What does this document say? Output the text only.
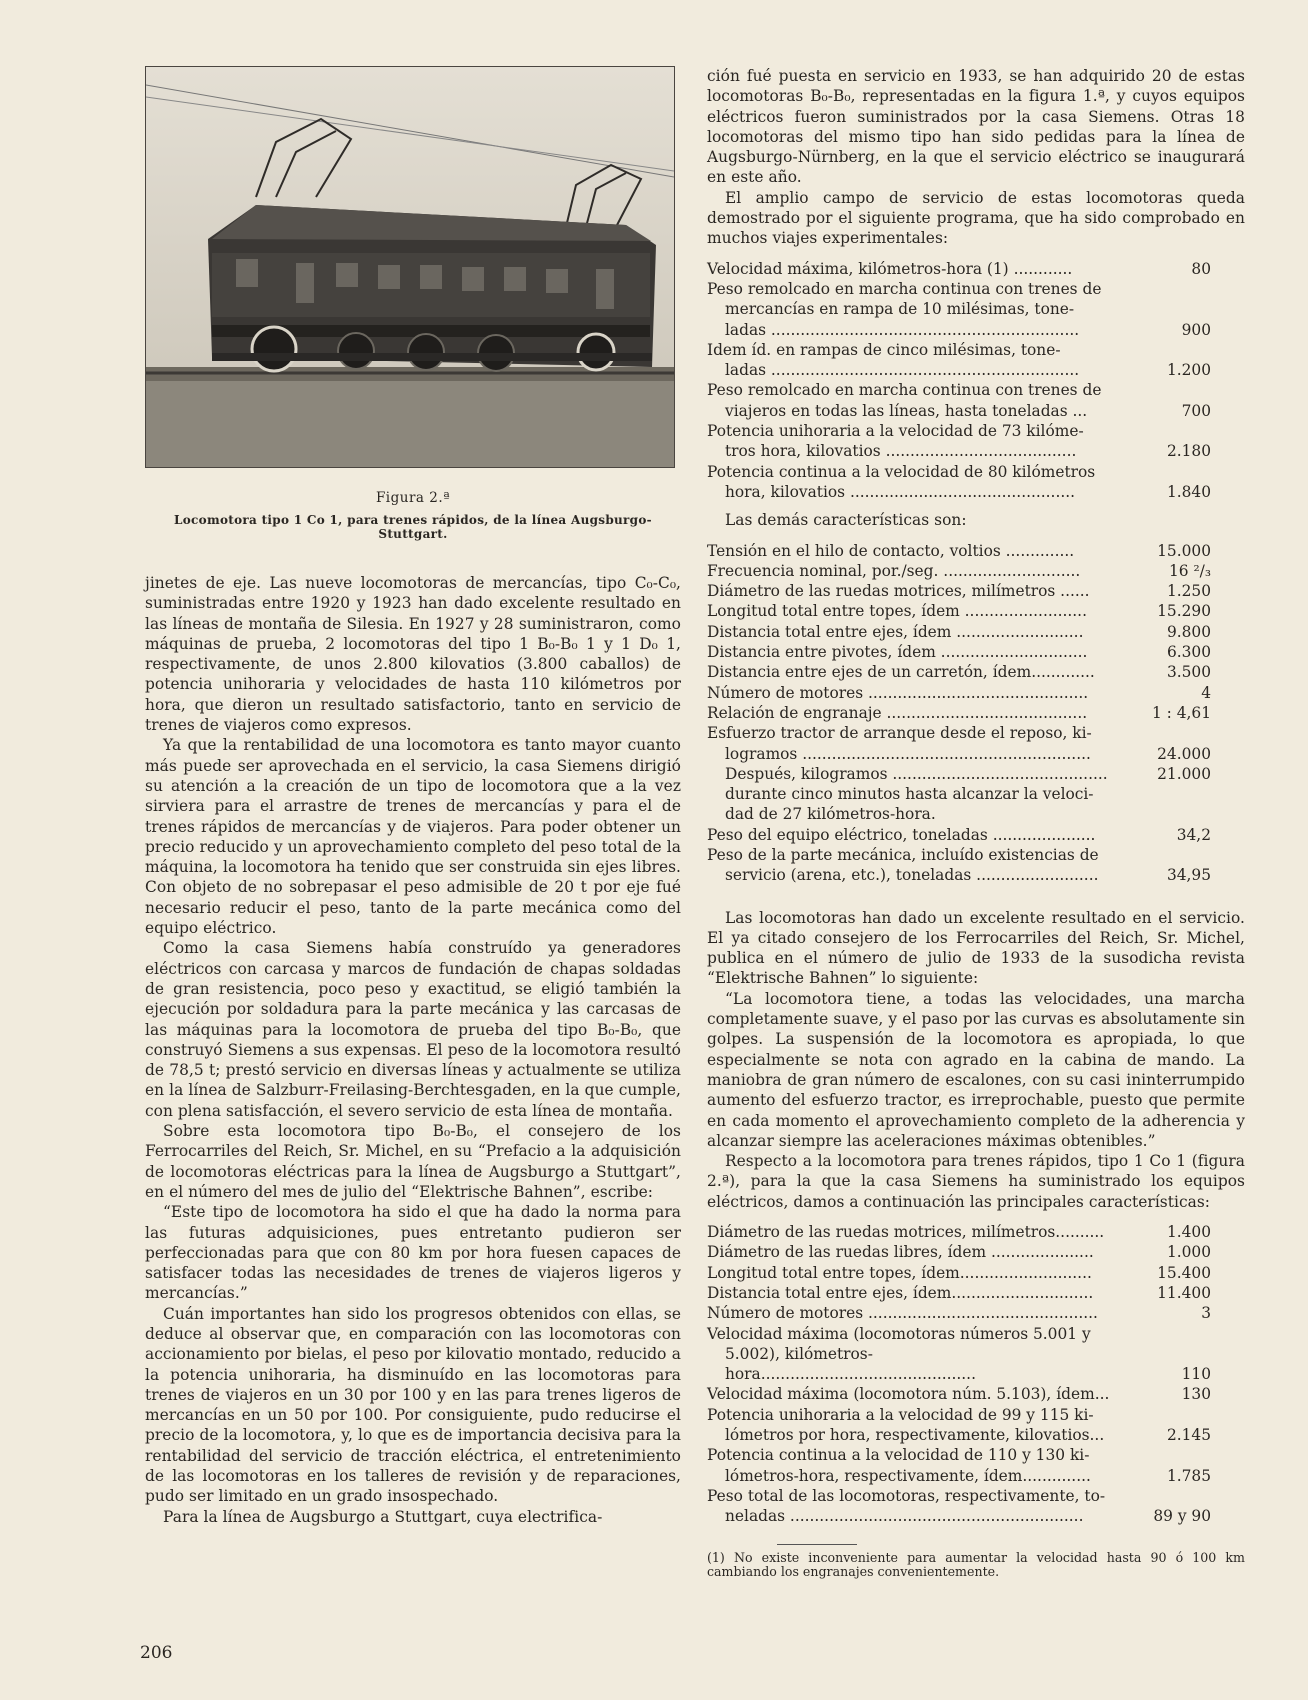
Figura 2.ª
Locomotora tipo 1 Co 1, para trenes rápidos, de la línea Augsburgo-Stuttgart.

jinetes de eje. Las nueve locomotoras de mercancías, tipo C₀-C₀, suministradas entre 1920 y 1923 han dado excelente resultado en las líneas de montaña de Silesia. En 1927 y 28 suministraron, como máquinas de prueba, 2 locomotoras del tipo 1 B₀-B₀ 1 y 1 D₀ 1, respectivamente, de unos 2.800 kilovatios (3.800 caballos) de potencia unihoraria y velocidades de hasta 110 kilómetros por hora, que dieron un resultado satisfactorio, tanto en servicio de trenes de viajeros como expresos.

Ya que la rentabilidad de una locomotora es tanto mayor cuanto más puede ser aprovechada en el servicio, la casa Siemens dirigió su atención a la creación de un tipo de locomotora que a la vez sirviera para el arrastre de trenes de mercancías y para el de trenes rápidos de mercancías y de viajeros. Para poder obtener un precio reducido y un aprovechamiento completo del peso total de la máquina, la locomotora ha tenido que ser construida sin ejes libres. Con objeto de no sobrepasar el peso admisible de 20 t por eje fué necesario reducir el peso, tanto de la parte mecánica como del equipo eléctrico.

Como la casa Siemens había construído ya generadores eléctricos con carcasa y marcos de fundación de chapas soldadas de gran resistencia, poco peso y exactitud, se eligió también la ejecución por soldadura para la parte mecánica y las carcasas de las máquinas para la locomotora de prueba del tipo B₀-B₀, que construyó Siemens a sus expensas. El peso de la locomotora resultó de 78,5 t; prestó servicio en diversas líneas y actualmente se utiliza en la línea de Salzburr-Freilasing-Berchtesgaden, en la que cumple, con plena satisfacción, el severo servicio de esta línea de montaña.

Sobre esta locomotora tipo B₀-B₀, el consejero de los Ferrocarriles del Reich, Sr. Michel, en su “Prefacio a la adquisición de locomotoras eléctricas para la línea de Augsburgo a Stuttgart”, en el número del mes de julio del “Elektrische Bahnen”, escribe:

“Este tipo de locomotora ha sido el que ha dado la norma para las futuras adquisiciones, pues entretanto pudieron ser perfeccionadas para que con 80 km por hora fuesen capaces de satisfacer todas las necesidades de trenes de viajeros ligeros y mercancías.”

Cuán importantes han sido los progresos obtenidos con ellas, se deduce al observar que, en comparación con las locomotoras con accionamiento por bielas, el peso por kilovatio montado, reducido a la potencia unihoraria, ha disminuído en las locomotoras para trenes de viajeros en un 30 por 100 y en las para trenes ligeros de mercancías en un 50 por 100. Por consiguiente, pudo reducirse el precio de la locomotora, y, lo que es de importancia decisiva para la rentabilidad del servicio de tracción eléctrica, el entretenimiento de las locomotoras en los talleres de revisión y de reparaciones, pudo ser limitado en un grado insospechado.

Para la línea de Augsburgo a Stuttgart, cuya electrifica-

ción fué puesta en servicio en 1933, se han adquirido 20 de estas locomotoras B₀-B₀, representadas en la figura 1.ª, y cuyos equipos eléctricos fueron suministrados por la casa Siemens. Otras 18 locomotoras del mismo tipo han sido pedidas para la línea de Augsburgo-Nürnberg, en la que el servicio eléctrico se inaugurará en este año.

El amplio campo de servicio de estas locomotoras queda demostrado por el siguiente programa, que ha sido comprobado en muchos viajes experimentales:

Velocidad máxima, kilómetros-hora (1) ............	80
Peso remolcado en marcha continua con trenes de
mercancías en rampa de 10 milésimas, tone-
ladas ...............................................................	900
Idem íd. en rampas de cinco milésimas, tone-
ladas ...............................................................	1.200
Peso remolcado en marcha continua con trenes de
viajeros en todas las líneas, hasta toneladas ...	700
Potencia unihoraria a la velocidad de 73 kilóme-
tros hora, kilovatios .......................................	2.180
Potencia continua a la velocidad de 80 kilómetros
hora, kilovatios ..............................................	1.840

Las demás características son:

Tensión en el hilo de contacto, voltios ..............	15.000
Frecuencia nominal, por./seg. ............................	16 ²/₃
Diámetro de las ruedas motrices, milímetros ......	1.250
Longitud total entre topes, ídem .........................	15.290
Distancia total entre ejes, ídem ..........................	9.800
Distancia entre pivotes, ídem ..............................	6.300
Distancia entre ejes de un carretón, ídem.............	3.500
Número de motores .............................................	4
Relación de engranaje .........................................	1 : 4,61
Esfuerzo tractor de arranque desde el reposo, ki-
logramos ...........................................................	24.000
Después, kilogramos ............................................	21.000
durante cinco minutos hasta alcanzar la veloci-
dad de 27 kilómetros-hora.
Peso del equipo eléctrico, toneladas .....................	34,2
Peso de la parte mecánica, incluído existencias de
servicio (arena, etc.), toneladas .........................	34,95

Las locomotoras han dado un excelente resultado en el servicio. El ya citado consejero de los Ferrocarriles del Reich, Sr. Michel, publica en el número de julio de 1933 de la susodicha revista “Elektrische Bahnen” lo siguiente:

“La locomotora tiene, a todas las velocidades, una marcha completamente suave, y el paso por las curvas es absolutamente sin golpes. La suspensión de la locomotora es apropiada, lo que especialmente se nota con agrado en la cabina de mando. La maniobra de gran número de escalones, con su casi ininterrumpido aumento del esfuerzo tractor, es irreprochable, puesto que permite en cada momento el aprovechamiento completo de la adherencia y alcanzar siempre las aceleraciones máximas obtenibles.”

Respecto a la locomotora para trenes rápidos, tipo 1 Co 1 (figura 2.ª), para la que la casa Siemens ha suministrado los equipos eléctricos, damos a continuación las principales características:

Diámetro de las ruedas motrices, milímetros..........	1.400
Diámetro de las ruedas libres, ídem .....................	1.000
Longitud total entre topes, ídem...........................	15.400
Distancia total entre ejes, ídem.............................	11.400
Número de motores ...............................................	3
Velocidad máxima (locomotoras números 5.001 y
5.002), kilómetros-hora............................................	110
Velocidad máxima (locomotora núm. 5.103), ídem...	130
Potencia unihoraria a la velocidad de 99 y 115 ki-
lómetros por hora, respectivamente, kilovatios...	2.145
Potencia continua a la velocidad de 110 y 130 ki-
lómetros-hora, respectivamente, ídem..............	1.785
Peso total de las locomotoras, respectivamente, to-
neladas ............................................................	89 y 90
(1) No existe inconveniente para aumentar la velocidad hasta 90 ó 100 km cambiando los engranajes convenientemente.
206
